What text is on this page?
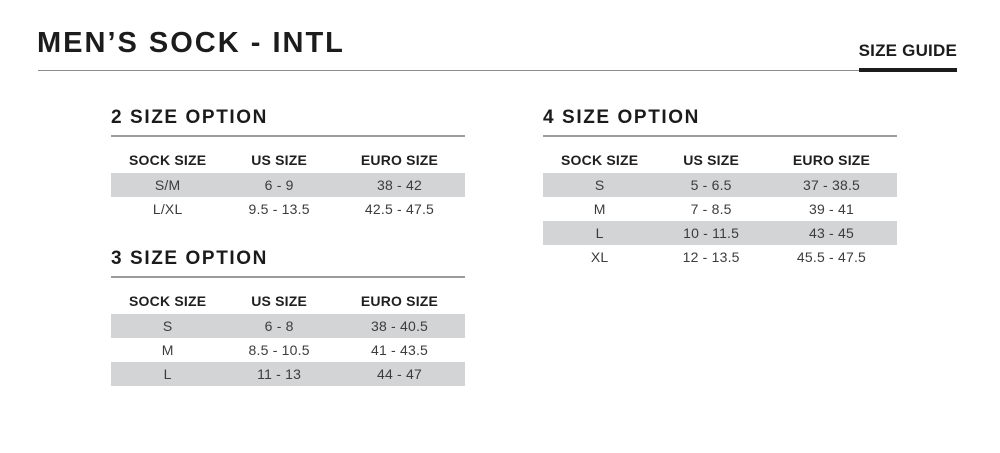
MEN’S SOCK - INTL	SIZE GUIDE
2 SIZE OPTION
SOCK SIZE	US SIZE	EURO SIZE
S/M	6 - 9	38 - 42
L/XL	9.5 - 13.5	42.5 - 47.5
3 SIZE OPTION
SOCK SIZE	US SIZE	EURO SIZE
S	6 - 8	38 - 40.5
M	8.5 - 10.5	41 - 43.5
L	11 - 13	44 - 47
4 SIZE OPTION
SOCK SIZE	US SIZE	EURO SIZE
S	5 - 6.5	37 - 38.5
M	7 - 8.5	39 - 41
L	10 - 11.5	43 - 45
XL	12 - 13.5	45.5 - 47.5
